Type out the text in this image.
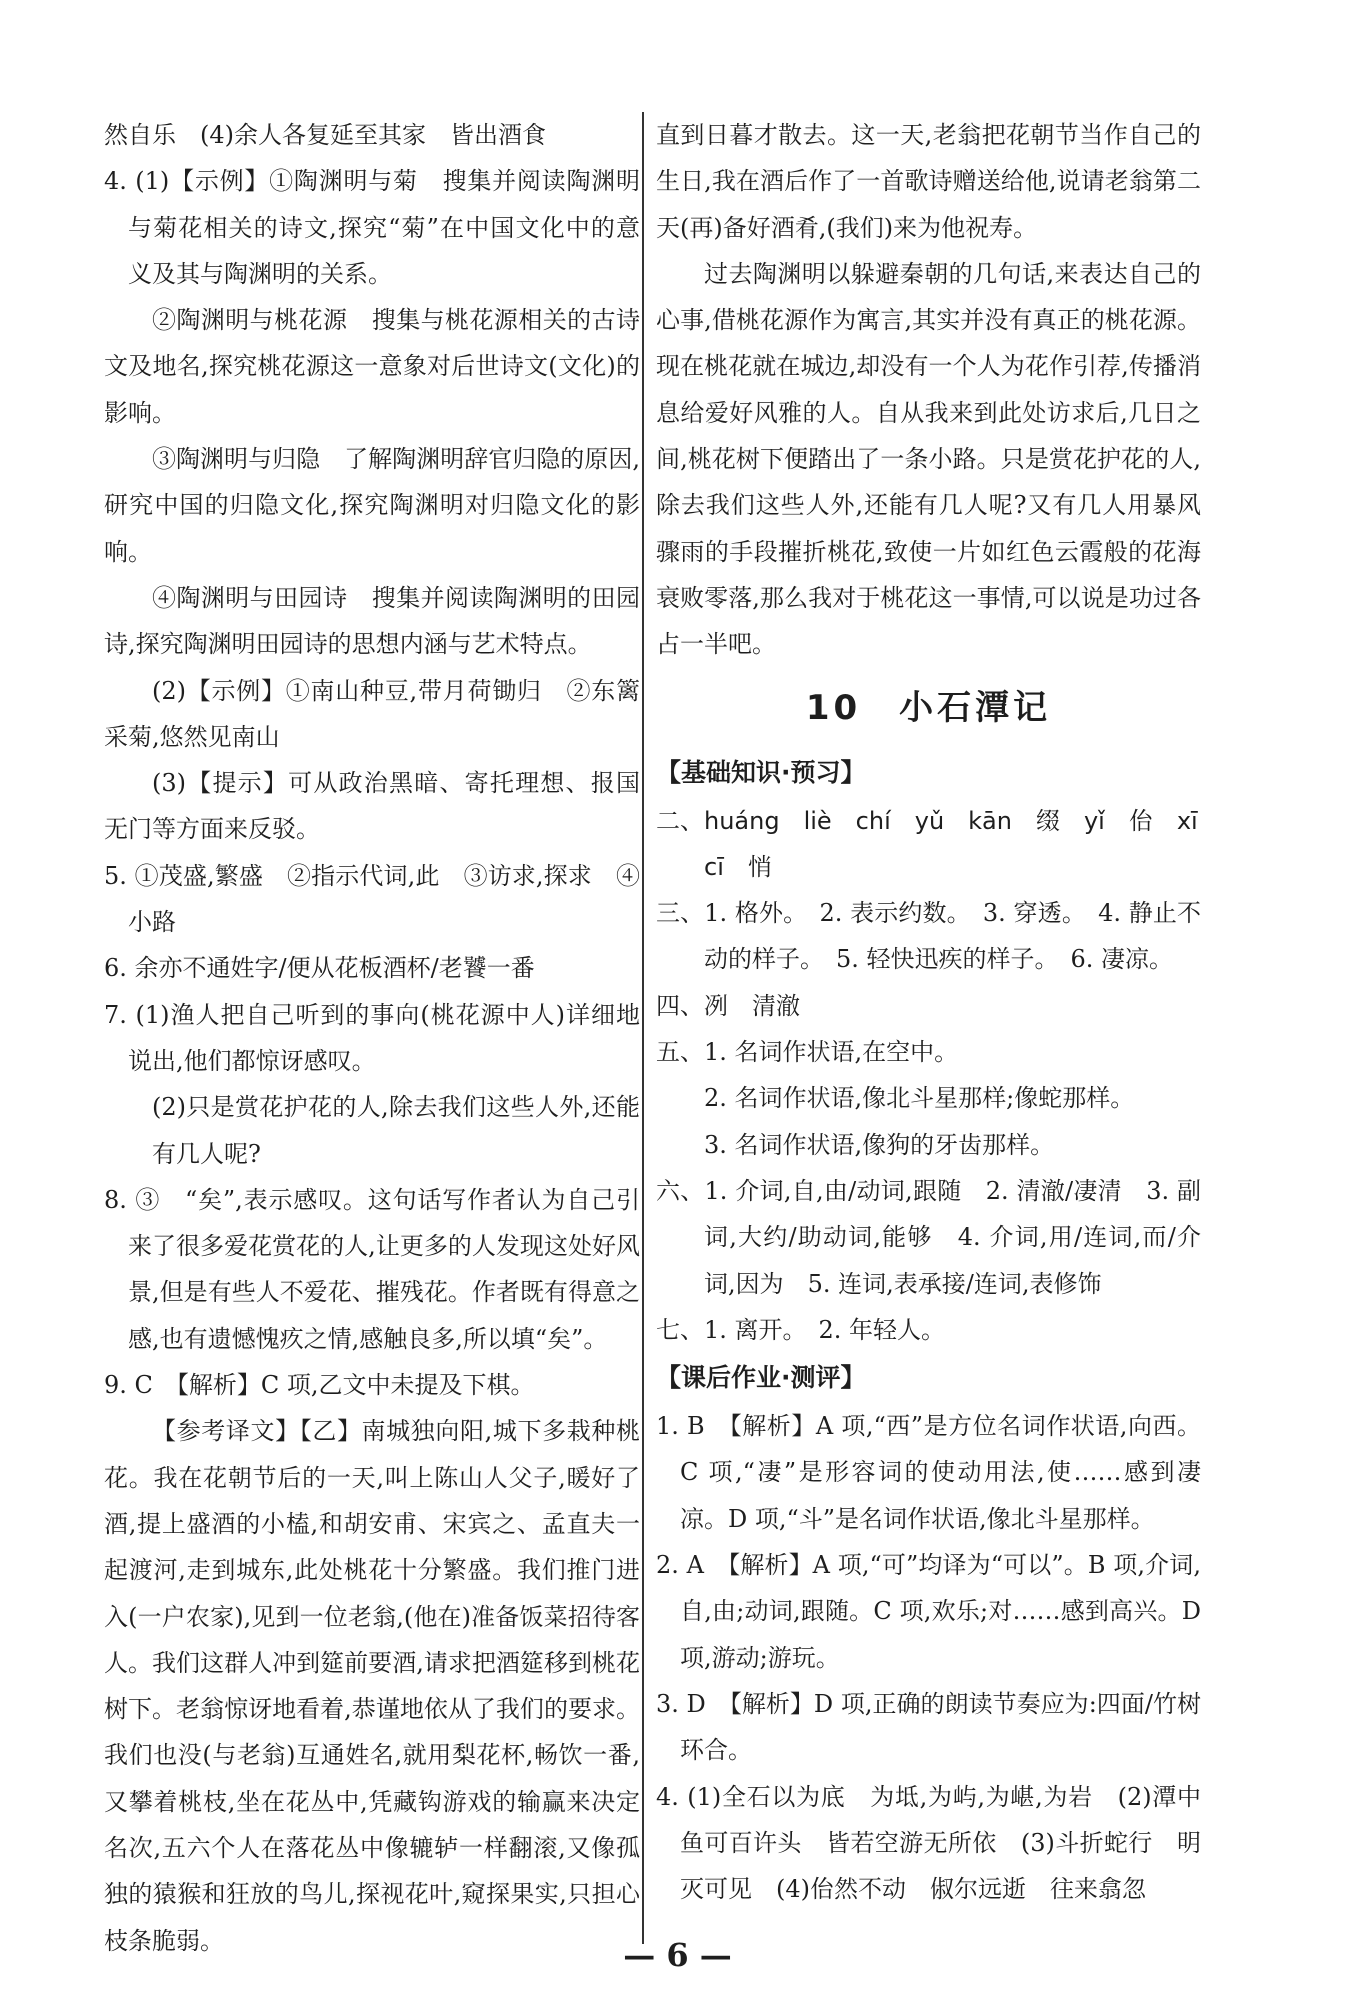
然自乐　(4)余人各复延至其家　皆出酒食

4. (1)【示例】①陶渊明与菊　搜集并阅读陶渊明与菊花相关的诗文,探究“菊”在中国文化中的意义及其与陶渊明的关系。

②陶渊明与桃花源　搜集与桃花源相关的古诗文及地名,探究桃花源这一意象对后世诗文(文化)的影响。

③陶渊明与归隐　了解陶渊明辞官归隐的原因,研究中国的归隐文化,探究陶渊明对归隐文化的影响。

④陶渊明与田园诗　搜集并阅读陶渊明的田园诗,探究陶渊明田园诗的思想内涵与艺术特点。

(2)【示例】①南山种豆,带月荷锄归　②东篱采菊,悠然见南山

(3)【提示】可从政治黑暗、寄托理想、报国无门等方面来反驳。

5. ①茂盛,繁盛　②指示代词,此　③访求,探求　④小路

6. 余亦不通姓字/便从花板酒杯/老饕一番

7. (1)渔人把自己听到的事向(桃花源中人)详细地说出,他们都惊讶感叹。

(2)只是赏花护花的人,除去我们这些人外,还能有几人呢?

8. ③　“矣”,表示感叹。这句话写作者认为自己引来了很多爱花赏花的人,让更多的人发现这处好风景,但是有些人不爱花、摧残花。作者既有得意之感,也有遗憾愧疚之情,感触良多,所以填“矣”。

9. C　【解析】C 项,乙文中未提及下棋。

【参考译文】【乙】南城独向阳,城下多栽种桃花。我在花朝节后的一天,叫上陈山人父子,暖好了酒,提上盛酒的小榼,和胡安甫、宋宾之、孟直夫一起渡河,走到城东,此处桃花十分繁盛。我们推门进入(一户农家),见到一位老翁,(他在)准备饭菜招待客人。我们这群人冲到筵前要酒,请求把酒筵移到桃花树下。老翁惊讶地看着,恭谨地依从了我们的要求。我们也没(与老翁)互通姓名,就用梨花杯,畅饮一番,又攀着桃枝,坐在花丛中,凭藏钩游戏的输赢来决定名次,五六个人在落花丛中像辘轳一样翻滚,又像孤独的猿猴和狂放的鸟儿,探视花叶,窥探果实,只担心枝条脆弱。

直到日暮才散去。这一天,老翁把花朝节当作自己的生日,我在酒后作了一首歌诗赠送给他,说请老翁第二天(再)备好酒肴,(我们)来为他祝寿。

过去陶渊明以躲避秦朝的几句话,来表达自己的心事,借桃花源作为寓言,其实并没有真正的桃花源。现在桃花就在城边,却没有一个人为花作引荐,传播消息给爱好风雅的人。自从我来到此处访求后,几日之间,桃花树下便踏出了一条小路。只是赏花护花的人,除去我们这些人外,还能有几人呢?又有几人用暴风骤雨的手段摧折桃花,致使一片如红色云霞般的花海衰败零落,那么我对于桃花这一事情,可以说是功过各占一半吧。

10　小石潭记
【基础知识·预习】

二、huáng　liè　chí　yǔ　kān　缀　yǐ　佁　xī

cī　悄

三、1. 格外。　2. 表示约数。　3. 穿透。　4. 静止不动的样子。　5. 轻快迅疾的样子。　6. 凄凉。

四、冽　清澈

五、1. 名词作状语,在空中。

2. 名词作状语,像北斗星那样;像蛇那样。

3. 名词作状语,像狗的牙齿那样。

六、1. 介词,自,由/动词,跟随　2. 清澈/凄清　3. 副词,大约/助动词,能够　4. 介词,用/连词,而/介词,因为　5. 连词,表承接/连词,表修饰

七、1. 离开。　2. 年轻人。

【课后作业·测评】

1. B　【解析】A 项,“西”是方位名词作状语,向西。C 项,“凄”是形容词的使动用法,使……感到凄凉。D 项,“斗”是名词作状语,像北斗星那样。

2. A　【解析】A 项,“可”均译为“可以”。B 项,介词,自,由;动词,跟随。C 项,欢乐;对……感到高兴。D 项,游动;游玩。

3. D　【解析】D 项,正确的朗读节奏应为:四面/竹树环合。

4. (1)全石以为底　为坻,为屿,为嵁,为岩　(2)潭中鱼可百许头　皆若空游无所依　(3)斗折蛇行　明灭可见　(4)佁然不动　俶尔远逝　往来翕忽

— 6 —
